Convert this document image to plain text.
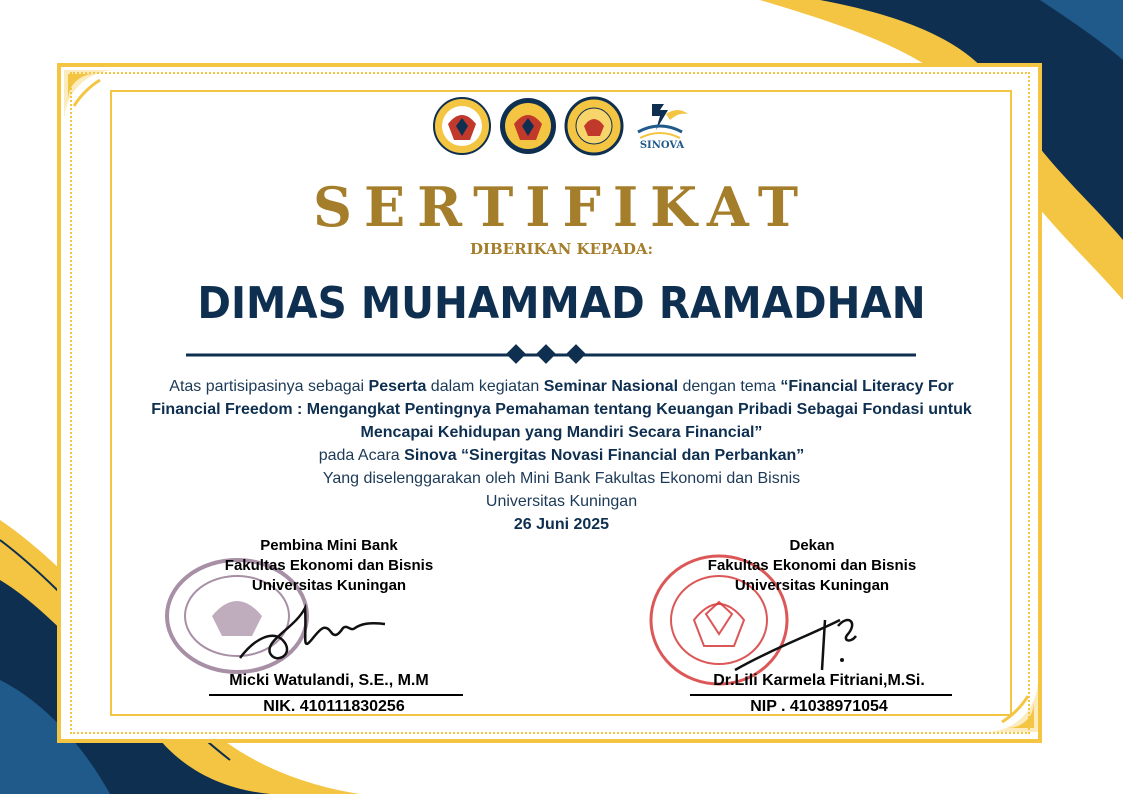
SINOVA
SERTIFIKAT
DIBERIKAN KEPADA:
DIMAS MUHAMMAD RAMADHAN
Atas partisipasinya sebagai Peserta dalam kegiatan Seminar Nasional dengan tema “Financial Literacy For Financial Freedom : Mengangkat Pentingnya Pemahaman tentang Keuangan Pribadi Sebagai Fondasi untuk Mencapai Kehidupan yang Mandiri Secara Financial”
pada Acara Sinova “Sinergitas Novasi Financial dan Perbankan”
Yang diselenggarakan oleh Mini Bank Fakultas Ekonomi dan Bisnis
Universitas Kuningan
26 Juni 2025
Pembina Mini Bank
Fakultas Ekonomi dan Bisnis
Universitas Kuningan
Micki Watulandi, S.E., M.M
NIK. 410111830256
Dekan
Fakultas Ekonomi dan Bisnis
Universitas Kuningan
Dr.Lili Karmela Fitriani,M.Si.
NIP . 41038971054
